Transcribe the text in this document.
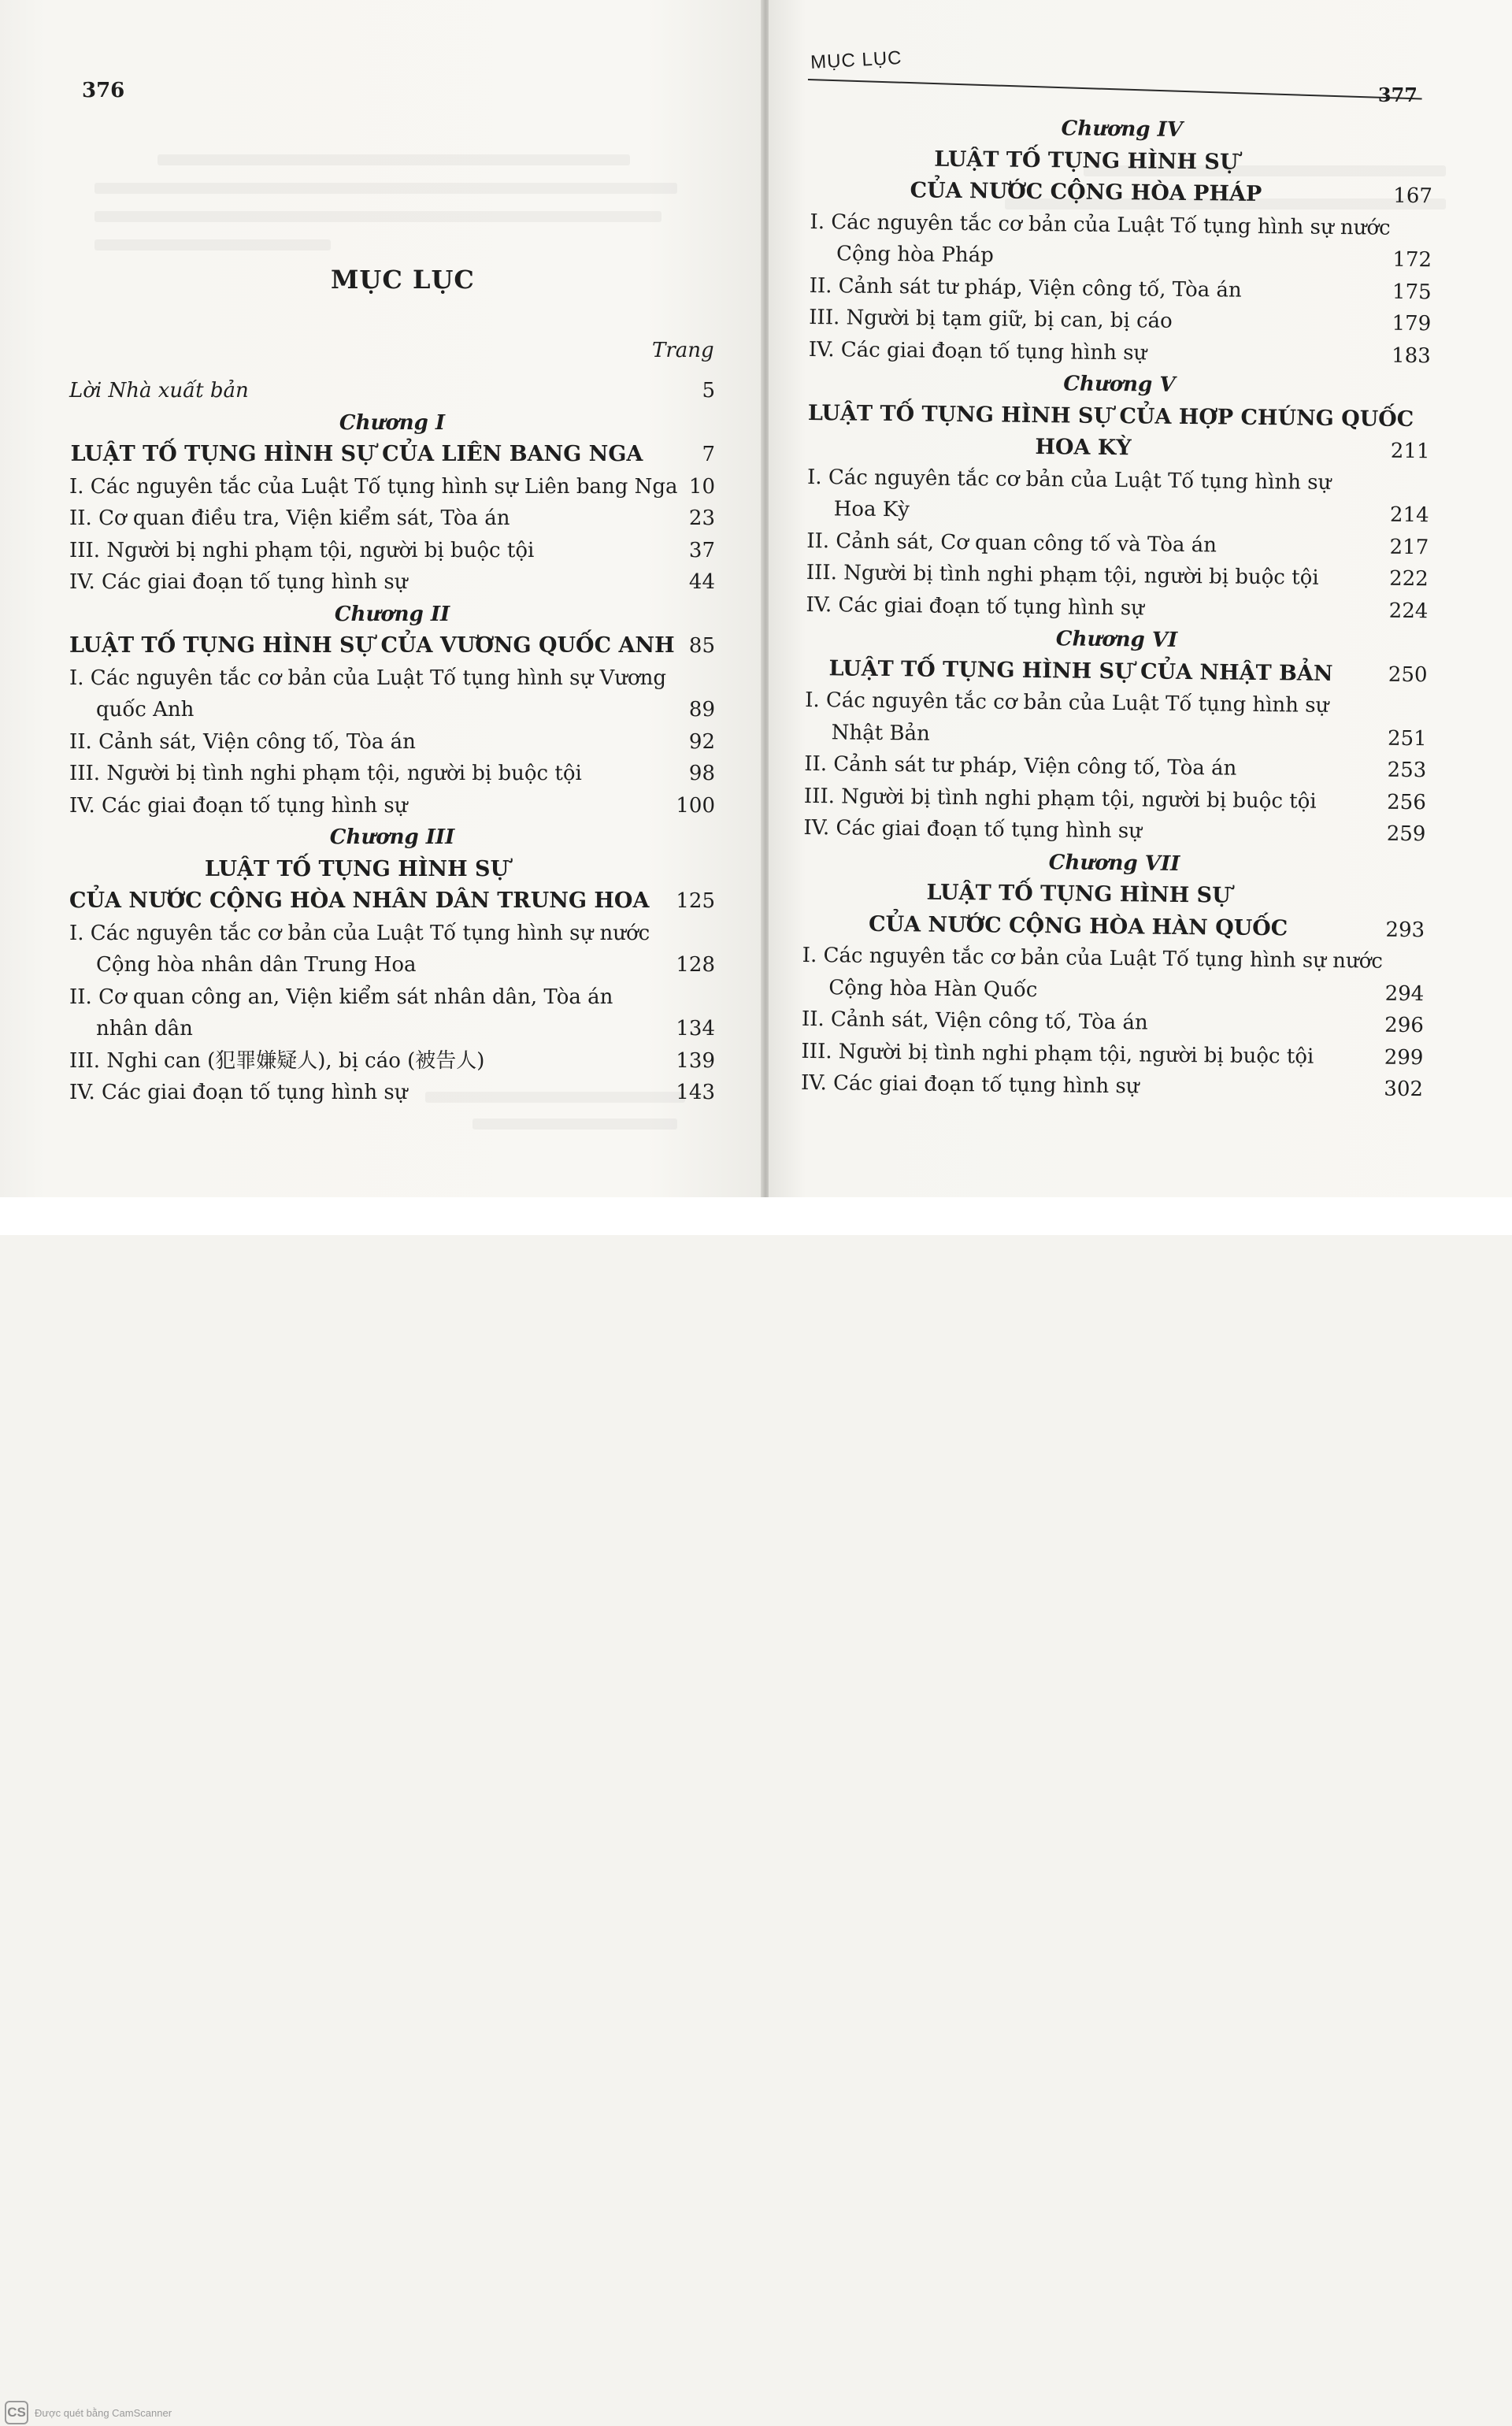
376
MỤC LỤC
Trang
Lời Nhà xuất bản	5
Chương I
LUẬT TỐ TỤNG HÌNH SỰ CỦA LIÊN BANG NGA	7
I. Các nguyên tắc của Luật Tố tụng hình sự Liên bang Nga 10
II. Cơ quan điều tra, Viện kiểm sát, Tòa án	23
III. Người bị nghi phạm tội, người bị buộc tội	37
IV. Các giai đoạn tố tụng hình sự	44
Chương II
LUẬT TỐ TỤNG HÌNH SỰ CỦA VƯƠNG QUỐC ANH 85
I. Các nguyên tắc cơ bản của Luật Tố tụng hình sự Vương
quốc Anh	89
II. Cảnh sát, Viện công tố, Tòa án	92
III. Người bị tình nghi phạm tội, người bị buộc tội	98
IV. Các giai đoạn tố tụng hình sự	100
Chương III
LUẬT TỐ TỤNG HÌNH SỰ
CỦA NƯỚC CỘNG HÒA NHÂN DÂN TRUNG HOA	125
I. Các nguyên tắc cơ bản của Luật Tố tụng hình sự nước
Cộng hòa nhân dân Trung Hoa	128
II. Cơ quan công an, Viện kiểm sát nhân dân, Tòa án
nhân dân	134
III. Nghi can (犯罪嫌疑人), bị cáo (被告人)	139
IV. Các giai đoạn tố tụng hình sự	143
MỤC LỤC
377
Chương IV
LUẬT TỐ TỤNG HÌNH SỰ
CỦA NƯỚC CỘNG HÒA PHÁP	167
I. Các nguyên tắc cơ bản của Luật Tố tụng hình sự nước
Cộng hòa Pháp	172
II. Cảnh sát tư pháp, Viện công tố, Tòa án	175
III. Người bị tạm giữ, bị can, bị cáo	179
IV. Các giai đoạn tố tụng hình sự	183
Chương V
LUẬT TỐ TỤNG HÌNH SỰ CỦA HỢP CHÚNG QUỐC
HOA KỲ	211
I. Các nguyên tắc cơ bản của Luật Tố tụng hình sự
Hoa Kỳ	214
II. Cảnh sát, Cơ quan công tố và Tòa án	217
III. Người bị tình nghi phạm tội, người bị buộc tội	222
IV. Các giai đoạn tố tụng hình sự	224
Chương VI
LUẬT TỐ TỤNG HÌNH SỰ CỦA NHẬT BẢN	250
I. Các nguyên tắc cơ bản của Luật Tố tụng hình sự
Nhật Bản	251
II. Cảnh sát tư pháp, Viện công tố, Tòa án	253
III. Người bị tình nghi phạm tội, người bị buộc tội	256
IV. Các giai đoạn tố tụng hình sự	259
Chương VII
LUẬT TỐ TỤNG HÌNH SỰ
CỦA NƯỚC CỘNG HÒA HÀN QUỐC	293
I. Các nguyên tắc cơ bản của Luật Tố tụng hình sự nước
Cộng hòa Hàn Quốc	294
II. Cảnh sát, Viện công tố, Tòa án	296
III. Người bị tình nghi phạm tội, người bị buộc tội	299
IV. Các giai đoạn tố tụng hình sự	302
CS Được quét bằng CamScanner
